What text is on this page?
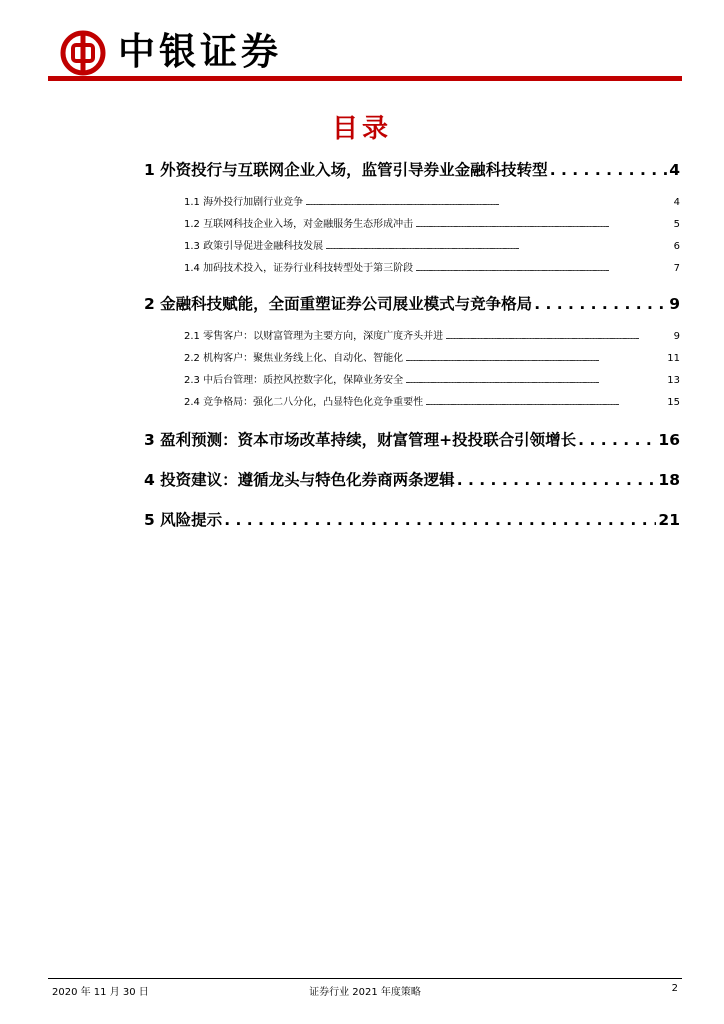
中银证券
目录
1 外资投行与互联网企业入场，监管引导券业金融科技转型 . . .	4
1.1 海外投行加剧行业竞争 . . .	4
1.2 互联网科技企业入场，对金融服务生态形成冲击 . . .	5
1.3 政策引导促进金融科技发展 . . .	6
1.4 加码技术投入，证券行业科技转型处于第三阶段 . . .	7
2 金融科技赋能，全面重塑证券公司展业模式与竞争格局 . . .	9
2.1 零售客户：以财富管理为主要方向，深度广度齐头并进 . . .	9
2.2 机构客户：聚焦业务线上化、自动化、智能化 . . .	11
2.3 中后台管理：质控风控数字化，保障业务安全 . . .	13
2.4 竞争格局：强化二八分化，凸显特色化竞争重要性 . . .	15
3 盈利预测：资本市场改革持续，财富管理+投投联合引领增长 . . .	16
4 投资建议：遵循龙头与特色化券商两条逻辑 . . .	18
5 风险提示 . . .	21
2020 年 11 月 30 日	证券行业 2021 年度策略	2
